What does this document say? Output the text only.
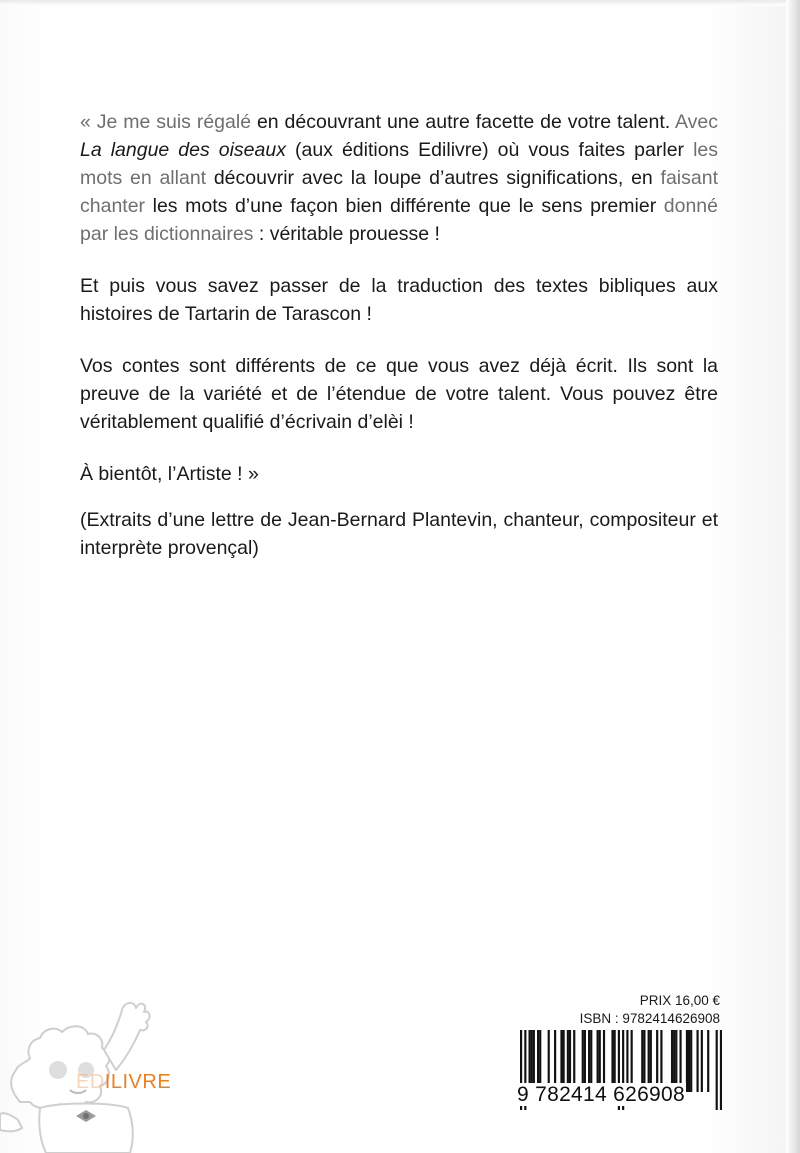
« Je me suis régalé en découvrant une autre facette de votre talent. Avec La langue des oiseaux (aux éditions Edilivre) où vous faites parler les mots en allant découvrir avec la loupe d’autres significations, en faisant chanter les mots d’une façon bien différente que le sens premier donné par les dictionnaires : véritable prouesse !

Et puis vous savez passer de la traduction des textes bibliques aux histoires de Tartarin de Tarascon !

Vos contes sont différents de ce que vous avez déjà écrit. Ils sont la preuve de la variété et de l’étendue de votre talent. Vous pouvez être véritablement qualifié d’écrivain d’elèi !

À bientôt, l’Artiste ! »

(Extraits d’une lettre de Jean-Bernard Plantevin, chanteur, compositeur et interprète provençal)

EDILIVRE
PRIX 16,00 €
ISBN : 9782414626908
9 782414 626908
